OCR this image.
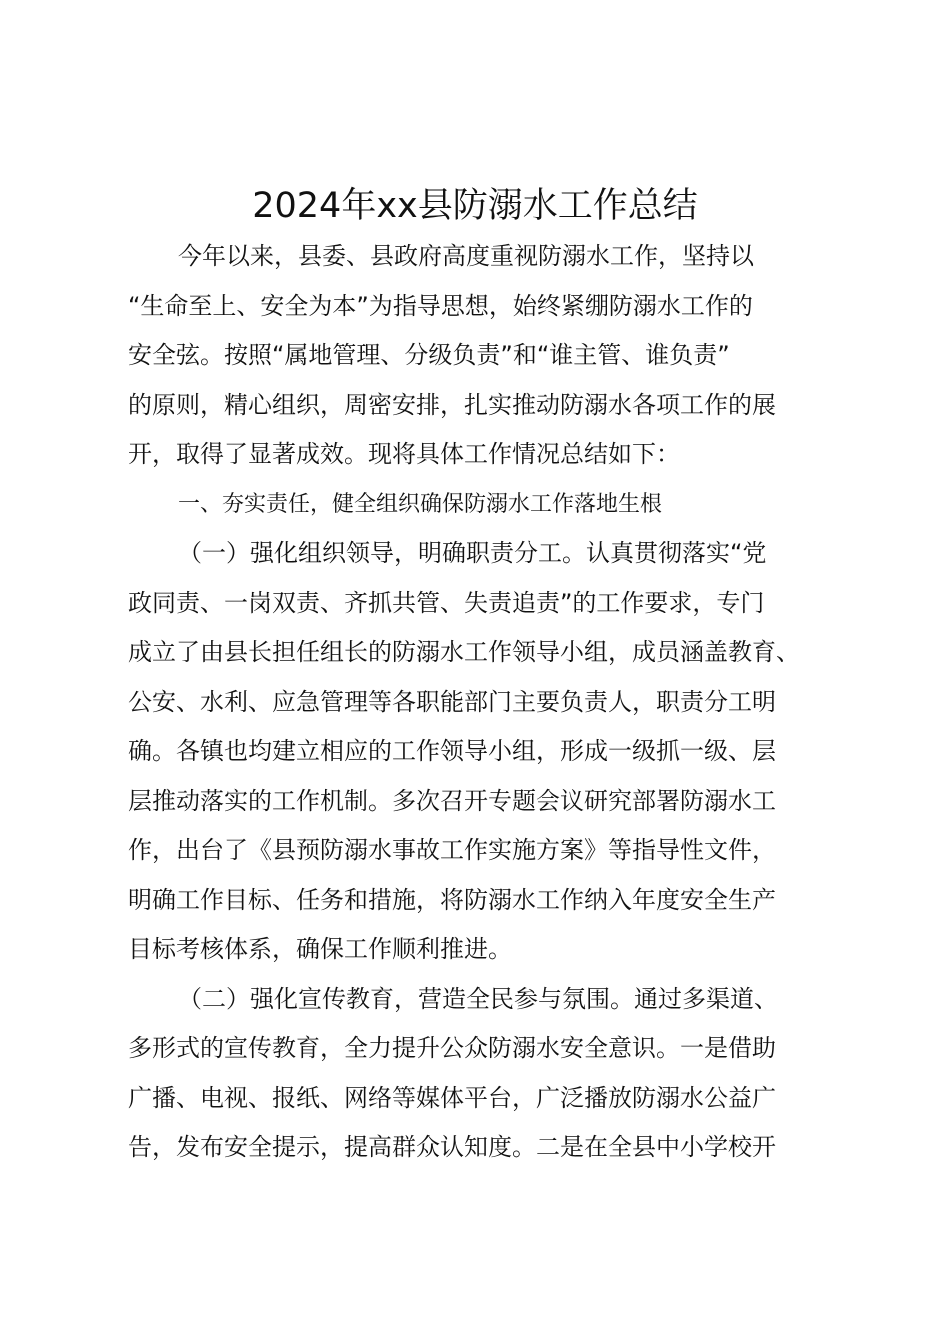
2024年xx县防溺水工作总结
今年以来，县委、县政府高度重视防溺水工作，坚持以
“生命至上、安全为本”为指导思想，始终紧绷防溺水工作的
安全弦。按照“属地管理、分级负责”和“谁主管、谁负责”
的原则，精心组织，周密安排，扎实推动防溺水各项工作的展
开，取得了显著成效。现将具体工作情况总结如下：
一、夯实责任，健全组织确保防溺水工作落地生根
（一）强化组织领导，明确职责分工。认真贯彻落实“党
政同责、一岗双责、齐抓共管、失责追责”的工作要求，专门
成立了由县长担任组长的防溺水工作领导小组，成员涵盖教育、
公安、水利、应急管理等各职能部门主要负责人，职责分工明
确。各镇也均建立相应的工作领导小组，形成一级抓一级、层
层推动落实的工作机制。多次召开专题会议研究部署防溺水工
作，出台了《县预防溺水事故工作实施方案》等指导性文件，
明确工作目标、任务和措施，将防溺水工作纳入年度安全生产
目标考核体系，确保工作顺利推进。
（二）强化宣传教育，营造全民参与氛围。通过多渠道、
多形式的宣传教育，全力提升公众防溺水安全意识。一是借助
广播、电视、报纸、网络等媒体平台，广泛播放防溺水公益广
告，发布安全提示，提高群众认知度。二是在全县中小学校开
